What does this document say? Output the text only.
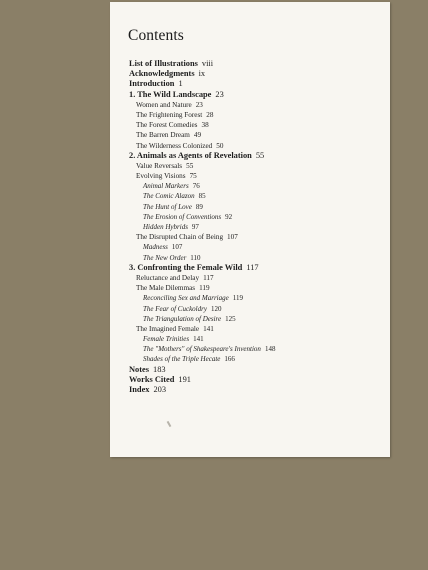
Contents
List of Illustrations viii
Acknowledgments ix
Introduction 1
1. The Wild Landscape 23
Women and Nature 23
The Frightening Forest 28
The Forest Comedies 38
The Barren Dream 49
The Wilderness Colonized 50
2. Animals as Agents of Revelation 55
Value Reversals 55
Evolving Visions 75
Animal Markers 76
The Comic Alazon 85
The Hunt of Love 89
The Erosion of Conventions 92
Hidden Hybrids 97
The Disrupted Chain of Being 107
Madness 107
The New Order 110
3. Confronting the Female Wild 117
Reluctance and Delay 117
The Male Dilemmas 119
Reconciling Sex and Marriage 119
The Fear of Cuckoldry 120
The Triangulation of Desire 125
The Imagined Female 141
Female Trinities 141
The "Mothers" of Shakespeare's Invention 148
Shades of the Triple Hecate 166
Notes 183
Works Cited 191
Index 203
